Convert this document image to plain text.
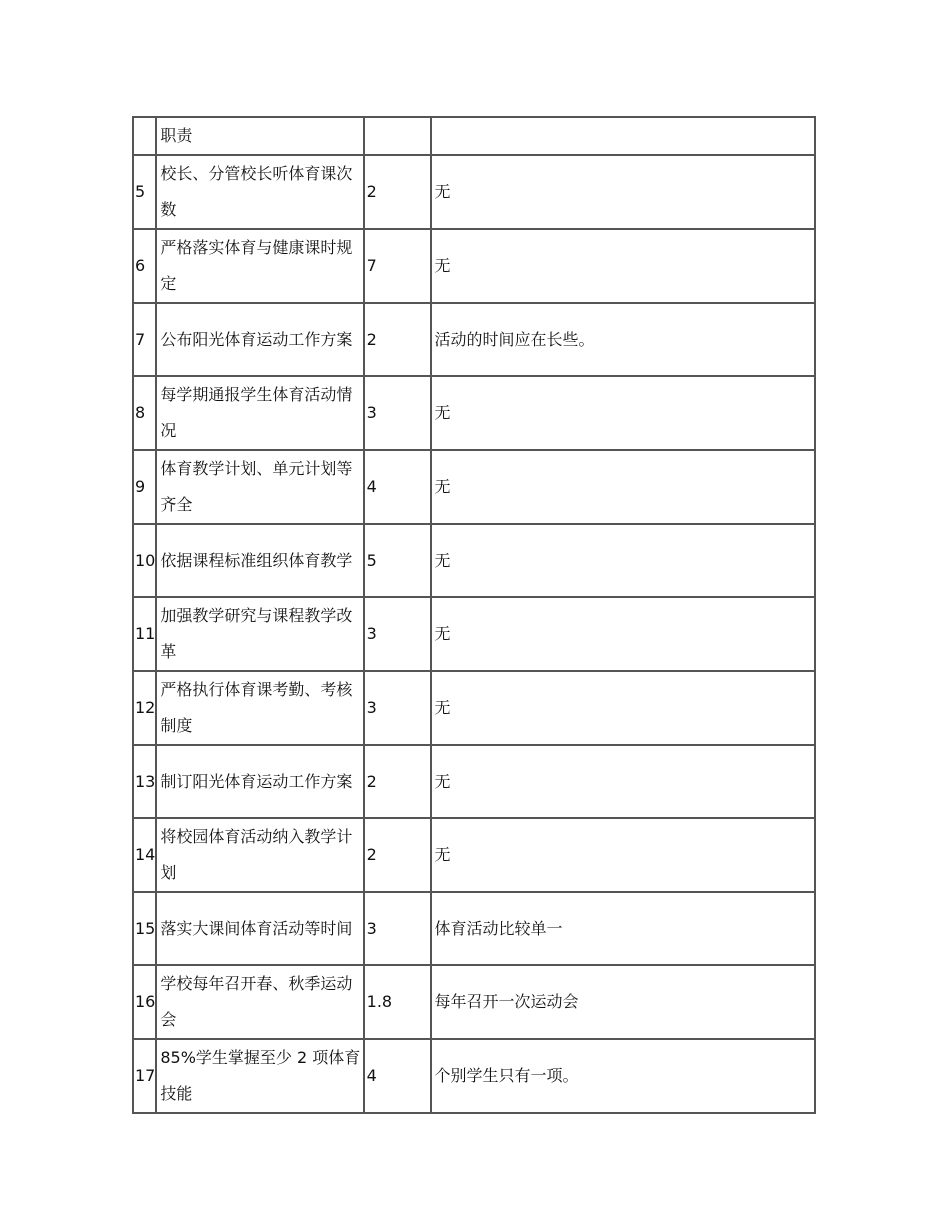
	职责		
5	校长、分管校长听体育课次数	2	无
6	严格落实体育与健康课时规定	7	无
7	公布阳光体育运动工作方案	2	活动的时间应在长些。
8	每学期通报学生体育活动情况	3	无
9	体育教学计划、单元计划等齐全	4	无
10	依据课程标准组织体育教学	5	无
11	加强教学研究与课程教学改革	3	无
12	严格执行体育课考勤、考核制度	3	无
13	制订阳光体育运动工作方案	2	无
14	将校园体育活动纳入教学计划	2	无
15	落实大课间体育活动等时间	3	体育活动比较单一
16	学校每年召开春、秋季运动会	1.8	每年召开一次运动会
17	85%学生掌握至少 2 项体育技能	4	个别学生只有一项。
